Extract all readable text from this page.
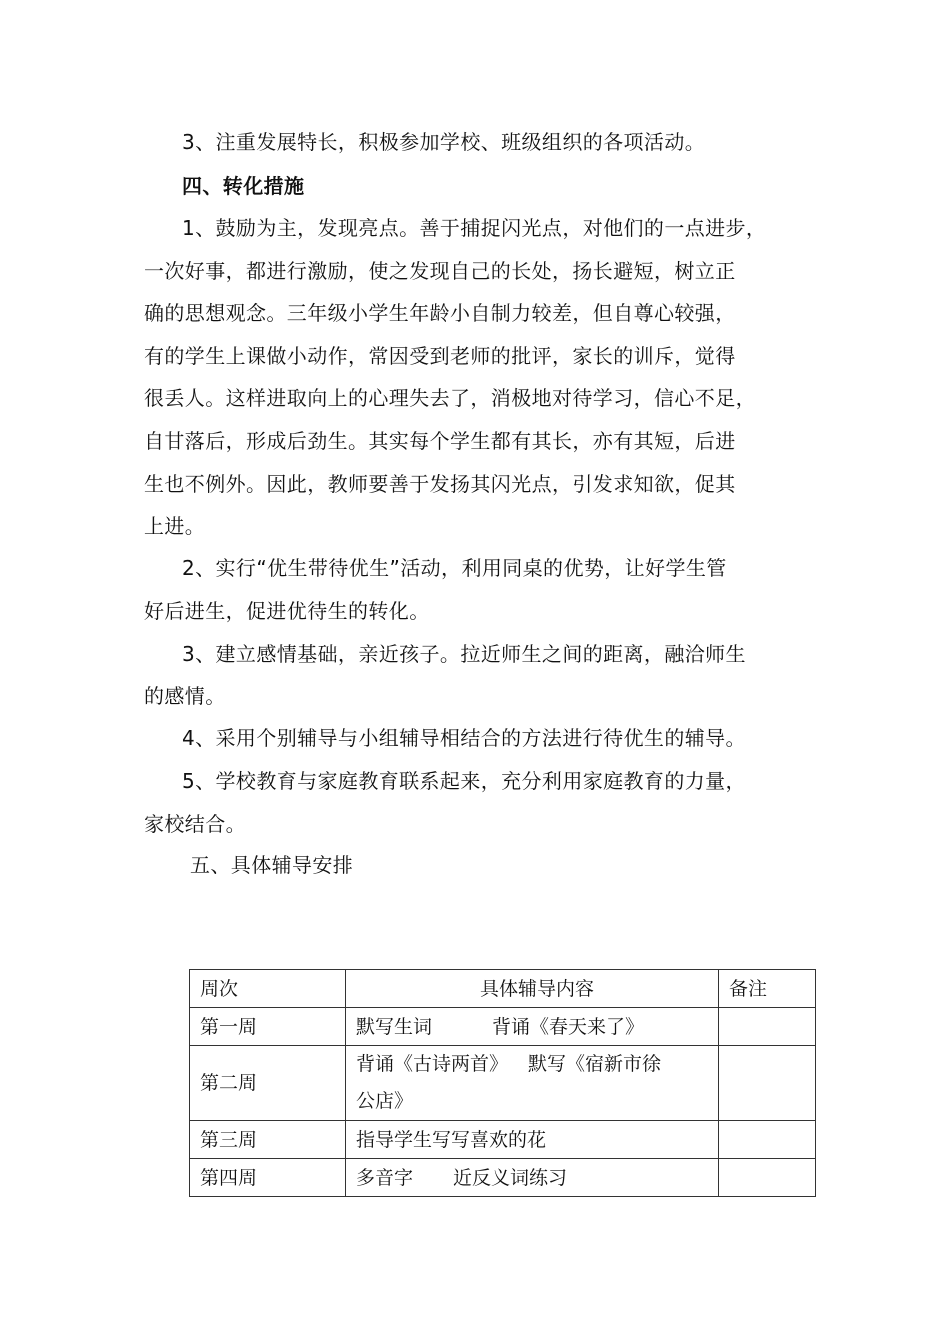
3、注重发展特长，积极参加学校、班级组织的各项活动。
四、转化措施
1、鼓励为主，发现亮点。善于捕捉闪光点，对他们的一点进步，
一次好事，都进行激励，使之发现自己的长处，扬长避短，树立正
确的思想观念。三年级小学生年龄小自制力较差，但自尊心较强，
有的学生上课做小动作，常因受到老师的批评，家长的训斥，觉得
很丢人。这样进取向上的心理失去了，消极地对待学习，信心不足，
自甘落后，形成后劲生。其实每个学生都有其长，亦有其短，后进
生也不例外。因此，教师要善于发扬其闪光点，引发求知欲，促其
上进。
2、实行“优生带待优生”活动，利用同桌的优势，让好学生管
好后进生，促进优待生的转化。
3、建立感情基础，亲近孩子。拉近师生之间的距离，融洽师生
的感情。
4、采用个别辅导与小组辅导相结合的方法进行待优生的辅导。
5、学校教育与家庭教育联系起来，充分利用家庭教育的力量，
家校结合。
五、具体辅导安排
周次	具体辅导内容	备注
第一周	默写生词 背诵《春天来了》	
第二周	背诵《古诗两首》 默写《宿新市徐
公店》	

第三周	指导学生写写喜欢的花	
第四周	多音字 近反义词练习	
